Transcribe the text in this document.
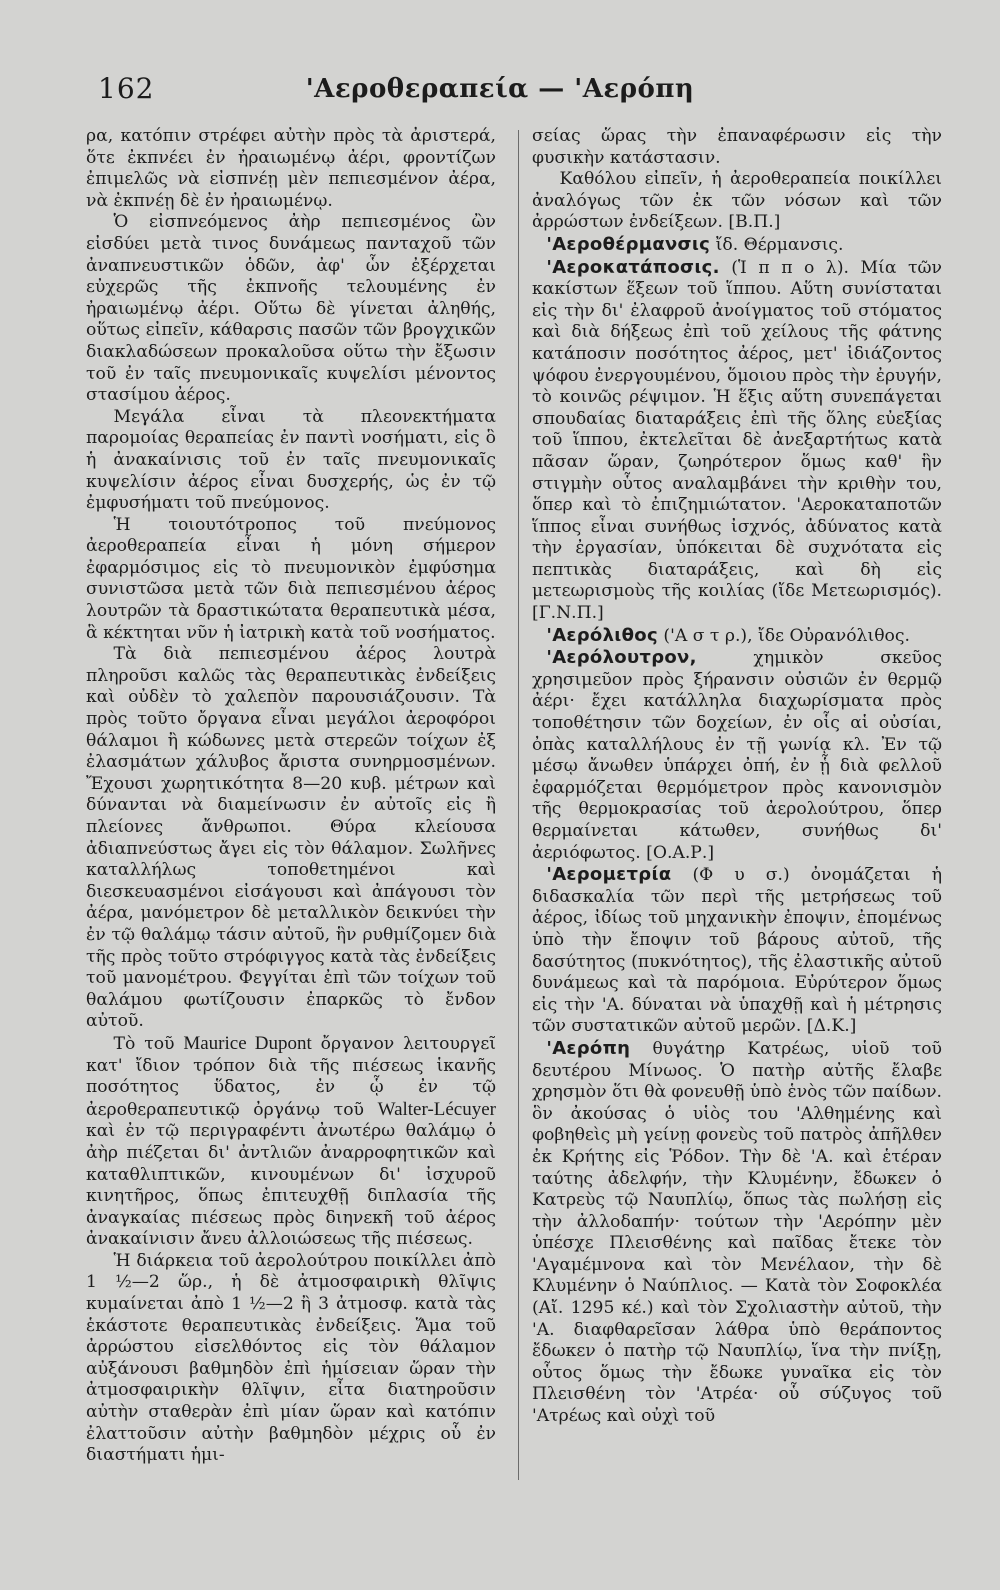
162	'Αεροθεραπεία — 'Αερόπη

ρα, κατόπιν στρέφει αὐτὴν πρὸς τὰ ἀριστερά, ὅτε ἐκπνέει ἐν ἠραιωμένῳ ἀέρι, φροντίζων ἐπιμελῶς νὰ εἰσπνέῃ μὲν πεπιεσμένον ἀέρα, νὰ ἐκπνέῃ δὲ ἐν ἠραιωμένῳ.

Ὁ εἰσπνεόμενος ἀὴρ πεπιεσμένος ὢν εἰσδύει μετὰ τινος δυνάμεως πανταχοῦ τῶν ἀναπνευστικῶν ὁδῶν, ἀφ' ὧν ἐξέρχεται εὐχερῶς τῆς ἐκπνοῆς τελουμένης ἐν ἠραιωμένῳ ἀέρι. Οὕτω δὲ γίνεται ἀληθής, οὕτως εἰπεῖν, κάθαρσις πασῶν τῶν βρογχικῶν διακλαδώσεων προκαλοῦσα οὕτω τὴν ἔξωσιν τοῦ ἐν ταῖς πνευμονικαῖς κυψελίσι μένοντος στασίμου ἀέρος.

Μεγάλα εἶναι τὰ πλεονεκτήματα παρομοίας θεραπείας ἐν παντὶ νοσήματι, εἰς ὃ ἡ ἀνακαίνισις τοῦ ἐν ταῖς πνευμονικαῖς κυψελίσιν ἀέρος εἶναι δυσχερής, ὡς ἐν τῷ ἐμφυσήματι τοῦ πνεύμονος.

Ἡ τοιουτότροπος τοῦ πνεύμονος ἀεροθεραπεία εἶναι ἡ μόνη σήμερον ἐφαρμόσιμος εἰς τὸ πνευμονικὸν ἐμφύσημα συνιστῶσα μετὰ τῶν διὰ πεπιεσμένου ἀέρος λουτρῶν τὰ δραστικώτατα θεραπευτικὰ μέσα, ἃ κέκτηται νῦν ἡ ἰατρικὴ κατὰ τοῦ νοσήματος.

Τὰ διὰ πεπιεσμένου ἀέρος λουτρὰ πληροῦσι καλῶς τὰς θεραπευτικὰς ἐνδείξεις καὶ οὐδὲν τὸ χαλεπὸν παρουσιάζουσιν. Τὰ πρὸς τοῦτο ὄργανα εἶναι μεγάλοι ἀεροφόροι θάλαμοι ἢ κώδωνες μετὰ στερεῶν τοίχων ἐξ ἐλασμάτων χάλυβος ἄριστα συνηρμοσμένων. Ἔχουσι χωρητικότητα 8—20 κυβ. μέτρων καὶ δύνανται νὰ διαμείνωσιν ἐν αὐτοῖς εἰς ἢ πλείονες ἄνθρωποι. Θύρα κλείουσα ἀδιαπνεύστως ἄγει εἰς τὸν θάλαμον. Σωλῆνες καταλλήλως τοποθετημένοι καὶ διεσκευασμένοι εἰσάγουσι καὶ ἀπάγουσι τὸν ἀέρα, μανόμετρον δὲ μεταλλικὸν δεικνύει τὴν ἐν τῷ θαλάμῳ τάσιν αὐτοῦ, ἣν ρυθμίζομεν διὰ τῆς πρὸς τοῦτο στρόφιγγος κατὰ τὰς ἐνδείξεις τοῦ μανομέτρου. Φεγγίται ἐπὶ τῶν τοίχων τοῦ θαλάμου φωτίζουσιν ἐπαρκῶς τὸ ἔνδον αὐτοῦ.

Τὸ τοῦ Maurice Dupont ὄργανον λειτουργεῖ κατ' ἴδιον τρόπον διὰ τῆς πιέσεως ἱκανῆς ποσότητος ὕδατος, ἐν ᾧ ἐν τῷ ἀεροθεραπευτικῷ ὀργάνῳ τοῦ Walter-Lécuyer καὶ ἐν τῷ περιγραφέντι ἀνωτέρω θαλάμῳ ὁ ἀὴρ πιέζεται δι' ἀντλιῶν ἀναρροφητικῶν καὶ καταθλιπτικῶν, κινουμένων δι' ἰσχυροῦ κινητῆρος, ὅπως ἐπιτευχθῇ διπλασία τῆς ἀναγκαίας πιέσεως πρὸς διηνεκῆ τοῦ ἀέρος ἀνακαίνισιν ἄνευ ἀλλοιώσεως τῆς πιέσεως.

Ἡ διάρκεια τοῦ ἀερολούτρου ποικίλλει ἀπὸ 1 ½—2 ὥρ., ἡ δὲ ἀτμοσφαιρικὴ θλῖψις κυμαίνεται ἀπὸ 1 ½—2 ἢ 3 ἀτμοσφ. κατὰ τὰς ἑκάστοτε θεραπευτικὰς ἐνδείξεις. Ἅμα τοῦ ἀρρώστου εἰσελθόντος εἰς τὸν θάλαμον αὐξάνουσι βαθμηδὸν ἐπὶ ἡμίσειαν ὥραν τὴν ἀτμοσφαιρικὴν θλῖψιν, εἶτα διατηροῦσιν αὐτὴν σταθερὰν ἐπὶ μίαν ὥραν καὶ κατόπιν ἐλαττοῦσιν αὐτὴν βαθμηδὸν μέχρις οὗ ἐν διαστήματι ἡμι-

σείας ὥρας τὴν ἐπαναφέρωσιν εἰς τὴν φυσικὴν κατάστασιν.

Καθόλου εἰπεῖν, ἡ ἀεροθεραπεία ποικίλλει ἀναλόγως τῶν ἐκ τῶν νόσων καὶ τῶν ἀρρώστων ἐνδείξεων. [Β.Π.]

'Αεροθέρμανσις ἴδ. Θέρμανσις.

'Αεροκατάποσις. (Ἱ π π ο λ). Μία τῶν κακίστων ἕξεων τοῦ ἵππου. Αὕτη συνίσταται εἰς τὴν δι' ἐλαφροῦ ἀνοίγματος τοῦ στόματος καὶ διὰ δήξεως ἐπὶ τοῦ χείλους τῆς φάτνης κατάποσιν ποσότητος ἀέρος, μετ' ἰδιάζοντος ψόφου ἐνεργουμένου, ὅμοιου πρὸς τὴν ἐρυγήν, τὸ κοινῶς ρέψιμον. Ἡ ἕξις αὕτη συνεπάγεται σπουδαίας διαταράξεις ἐπὶ τῆς ὅλης εὐεξίας τοῦ ἵππου, ἐκτελεῖται δὲ ἀνεξαρτήτως κατὰ πᾶσαν ὥραν, ζωηρότερον ὅμως καθ' ἣν στιγμὴν οὗτος αναλαμβάνει τὴν κριθὴν του, ὅπερ καὶ τὸ ἐπιζημιώτατον. 'Αεροκαταποτῶν ἵππος εἶναι συνήθως ἰσχνός, ἀδύνατος κατὰ τὴν ἐργασίαν, ὑπόκειται δὲ συχνότατα εἰς πεπτικὰς διαταράξεις, καὶ δὴ εἰς μετεωρισμοὺς τῆς κοιλίας (ἴδε Μετεωρισμός). [Γ.Ν.Π.]

'Αερόλιθος ('Α σ τ ρ.), ἴδε Οὐρανόλιθος.

'Αερόλουτρον, χημικὸν σκεῦος χρησιμεῦον πρὸς ξήρανσιν οὐσιῶν ἐν θερμῷ ἀέρι· ἔχει κατάλληλα διαχωρίσματα πρὸς τοποθέτησιν τῶν δοχείων, ἐν οἷς αἱ οὐσίαι, ὀπὰς καταλλήλους ἐν τῇ γωνίᾳ κλ. Ἐν τῷ μέσῳ ἄνωθεν ὑπάρχει ὀπή, ἐν ᾗ διὰ φελλοῦ ἐφαρμόζεται θερμόμετρον πρὸς κανονισμὸν τῆς θερμοκρασίας τοῦ ἀερολούτρου, ὅπερ θερμαίνεται κάτωθεν, συνήθως δι' ἀεριόφωτος. [Ο.Α.Ρ.]

'Αερομετρία (Φ υ σ.) ὀνομάζεται ἡ διδασκαλία τῶν περὶ τῆς μετρήσεως τοῦ ἀέρος, ἰδίως τοῦ μηχανικὴν ἐποψιν, ἐπομένως ὑπὸ τὴν ἔποψιν τοῦ βάρους αὐτοῦ, τῆς δασύτητος (πυκνότητος), τῆς ἐλαστικῆς αὐτοῦ δυνάμεως καὶ τὰ παρόμοια. Εὐρύτερον ὅμως εἰς τὴν 'Α. δύναται νὰ ὑπαχθῇ καὶ ἡ μέτρησις τῶν συστατικῶν αὐτοῦ μερῶν. [Δ.Κ.]

'Αερόπη θυγάτηρ Κατρέως, υἱοῦ τοῦ δευτέρου Μίνωος. Ὁ πατὴρ αὐτῆς ἔλαβε χρησμὸν ὅτι θὰ φονευθῇ ὑπὸ ἑνὸς τῶν παίδων. ὃν ἀκούσας ὁ υἱὸς του 'Αλθημένης καὶ φοβηθεὶς μὴ γείνῃ φονεὺς τοῦ πατρὸς ἀπῆλθεν ἐκ Κρήτης εἰς Ῥόδον. Τὴν δὲ 'Α. καὶ ἑτέραν ταύτης ἀδελφήν, τὴν Κλυμένην, ἔδωκεν ὁ Κατρεὺς τῷ Ναυπλίῳ, ὅπως τὰς πωλήσῃ εἰς τὴν ἀλλοδαπήν· τούτων τὴν 'Αερόπην μὲν ὑπέσχε Πλεισθένης καὶ παῖδας ἔτεκε τὸν 'Αγαμέμνονα καὶ τὸν Μενέλαον, τὴν δὲ Κλυμένην ὁ Ναύπλιος. — Κατὰ τὸν Σοφοκλέα (Αἴ. 1295 κέ.) καὶ τὸν Σχολιαστὴν αὐτοῦ, τὴν 'Α. διαφθαρεῖσαν λάθρα ὑπὸ θεράποντος ἔδωκεν ὁ πατὴρ τῷ Ναυπλίῳ, ἵνα τὴν πνίξῃ, οὗτος ὅμως τὴν ἔδωκε γυναῖκα εἰς τὸν Πλεισθένη τὸν 'Ατρέα· οὗ σύζυγος τοῦ 'Ατρέως καὶ οὐχὶ τοῦ
